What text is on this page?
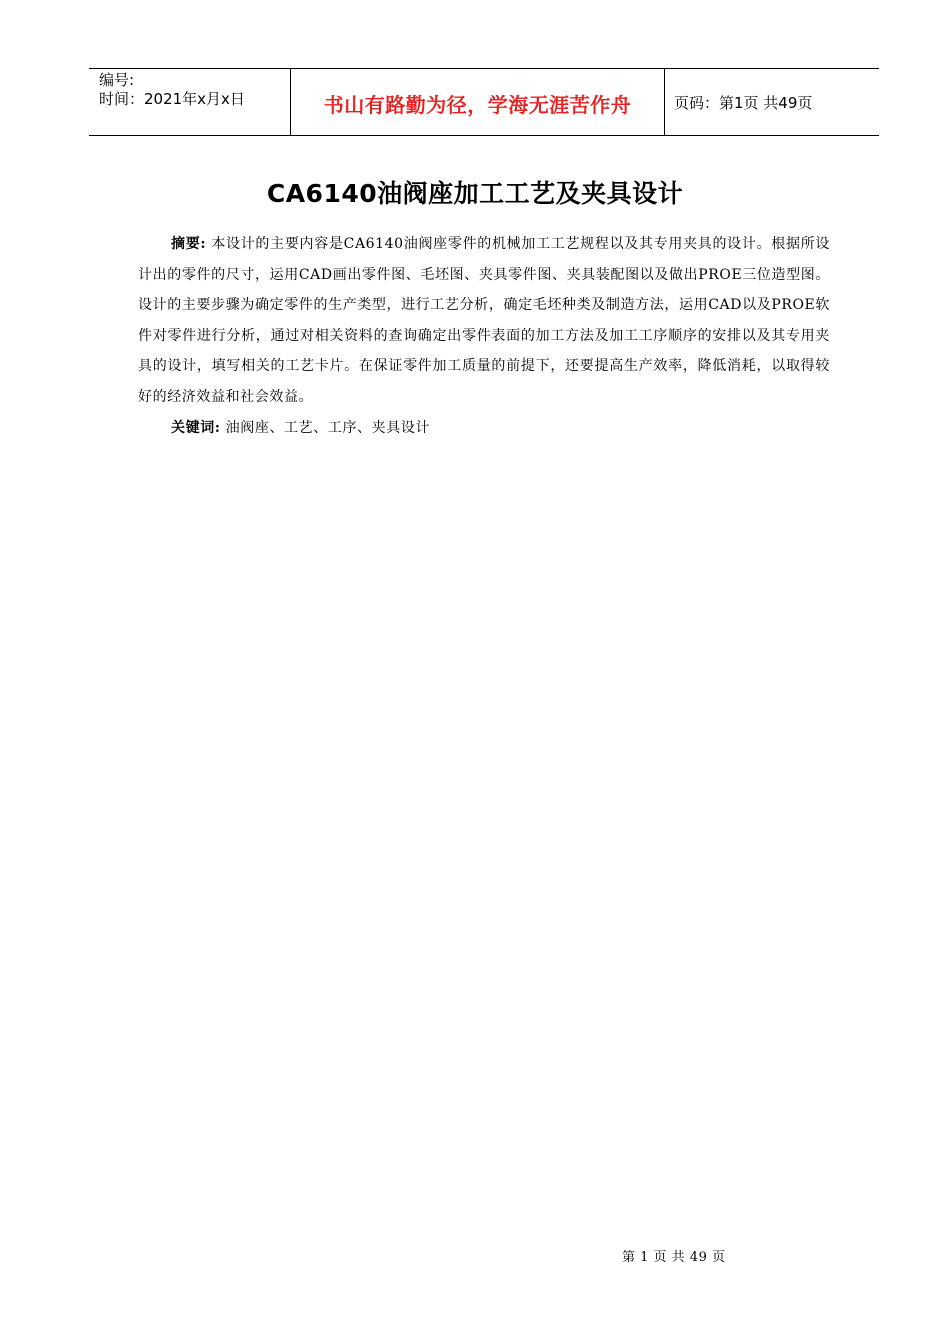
编号:
时间：2021年x月x日	书山有路勤为径，学海无涯苦作舟	页码：第1页 共49页
CA6140油阀座加工工艺及夹具设计
摘要: 本设计的主要内容是CA6140油阀座零件的机械加工工艺规程以及其专用夹具的设计。根据所设计出的零件的尺寸，运用CAD画出零件图、毛坯图、夹具零件图、夹具装配图以及做出PROE三位造型图。设计的主要步骤为确定零件的生产类型，进行工艺分析，确定毛坯种类及制造方法，运用CAD以及PROE软件对零件进行分析，通过对相关资料的查询确定出零件表面的加工方法及加工工序顺序的安排以及其专用夹具的设计，填写相关的工艺卡片。在保证零件加工质量的前提下，还要提高生产效率，降低消耗，以取得较好的经济效益和社会效益。
关键词: 油阀座、工艺、工序、夹具设计
第 1 页 共 49 页
